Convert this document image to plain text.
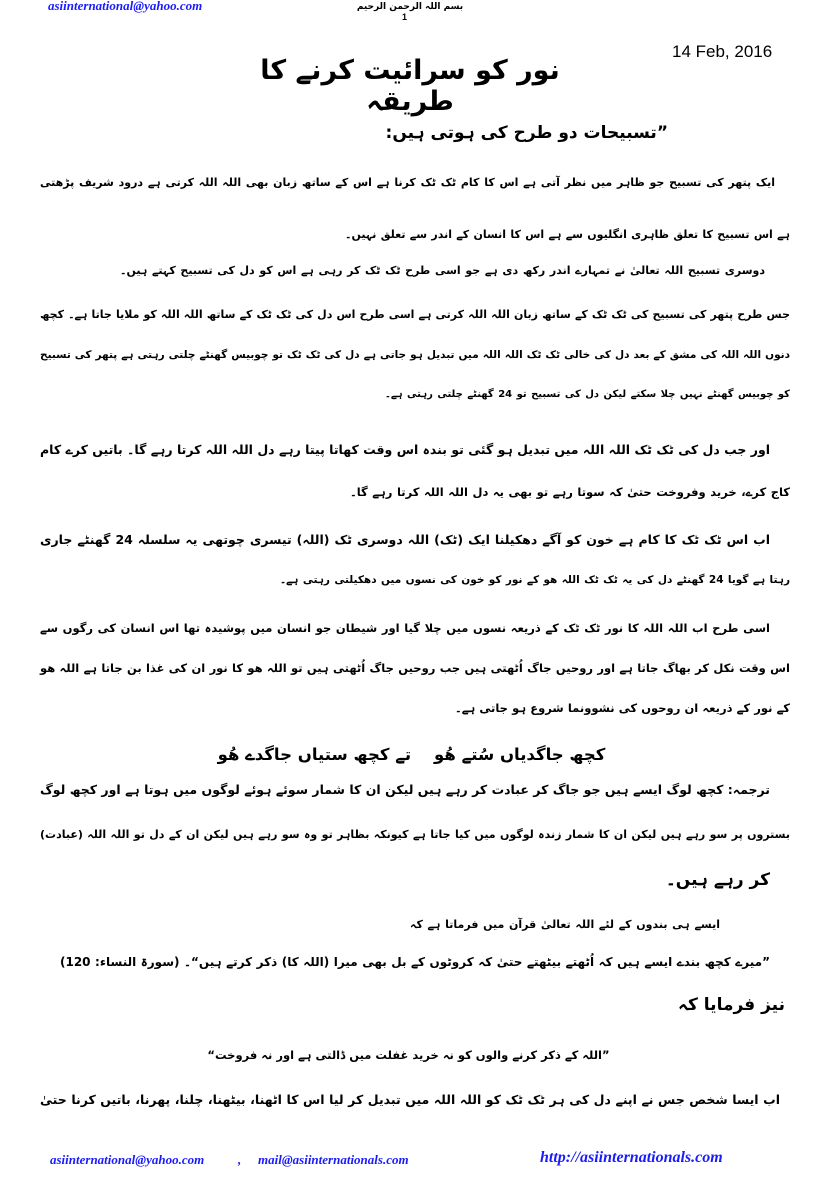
asiinternational@yahoo.com	بسم اللہ الرحمن الرحیم
1
14 Feb, 2016
نور کو سرائیت کرنے کا طریقہ
”تسبیحات دو طرح کی ہوتی ہیں:
ایک پتھر کی تسبیح جو ظاہر میں نظر آتی ہے اس کا کام ٹک ٹک کرنا ہے اس کے ساتھ زبان بھی اللہ اللہ کرتی ہے درود شریف پڑھتی
ہے اس تسبیح کا تعلق ظاہری انگلیوں سے ہے اس کا انسان کے اندر سے تعلق نہیں۔
دوسری تسبیح اللہ تعالیٰ نے تمہارے اندر رکھ دی ہے جو اسی طرح ٹک ٹک کر رہی ہے اس کو دل کی تسبیح کہتے ہیں۔
جس طرح پتھر کی تسبیح کی ٹک ٹک کے ساتھ زبان اللہ اللہ کرتی ہے اسی طرح اس دل کی ٹک ٹک کے ساتھ اللہ اللہ کو ملایا جاتا ہے۔ کچھ
دنوں اللہ اللہ کی مشق کے بعد دل کی خالی ٹک ٹک اللہ اللہ میں تبدیل ہو جاتی ہے دل کی ٹک ٹک تو چوبیس گھنٹے چلتی رہتی ہے پتھر کی تسبیح
کو چوبیس گھنٹے نہیں چلا سکتے لیکن دل کی تسبیح تو 24 گھنٹے چلتی رہتی ہے۔
اور جب دل کی ٹک ٹک اللہ اللہ میں تبدیل ہو گئی تو بندہ اس وقت کھاتا پیتا رہے دل اللہ اللہ کرتا رہے گا۔ باتیں کرے کام
کاج کرے، خرید وفروخت حتیٰ کہ سوتا رہے تو بھی یہ دل اللہ اللہ کرتا رہے گا۔
اب اس ٹک ٹک کا کام ہے خون کو آگے دھکیلنا ایک (ٹک) اللہ دوسری ٹک (اللہ) تیسری چوتھی یہ سلسلہ 24 گھنٹے جاری
رہتا ہے گویا 24 گھنٹے دل کی یہ ٹک ٹک اللہ ھو کے نور کو خون کی نسوں میں دھکیلتی رہتی ہے۔
اسی طرح اب اللہ اللہ کا نور ٹک ٹک کے ذریعہ نسوں میں چلا گیا اور شیطان جو انسان میں پوشیدہ تھا اس انسان کی رگوں سے
اس وقت نکل کر بھاگ جاتا ہے اور روحیں جاگ اُٹھتی ہیں جب روحیں جاگ اُٹھتی ہیں تو اللہ ھو کا نور ان کی غذا بن جاتا ہے اللہ ھو
کے نور کے ذریعہ ان روحوں کی نشوونما شروع ہو جاتی ہے۔
کچھ جاگدیاں سُتے ھُو    تے کچھ ستیاں جاگدے ھُو
ترجمہ: کچھ لوگ ایسے ہیں جو جاگ کر عبادت کر رہے ہیں لیکن ان کا شمار سوئے ہوئے لوگوں میں ہوتا ہے اور کچھ لوگ
بستروں پر سو رہے ہیں لیکن ان کا شمار زندہ لوگوں میں کیا جاتا ہے کیونکہ بظاہر تو وہ سو رہے ہیں لیکن ان کے دل تو اللہ اللہ (عبادت)
کر رہے ہیں۔
ایسے ہی بندوں کے لئے اللہ تعالیٰ قرآن میں فرماتا ہے کہ
”میرے کچھ بندے ایسے ہیں کہ اُٹھتے بیٹھتے حتیٰ کہ کروٹوں کے بل بھی میرا (اللہ کا) ذکر کرتے ہیں“۔ (سورۃ النساء: 120)
نیز فرمایا کہ
”اللہ کے ذکر کرنے والوں کو نہ خرید غفلت میں ڈالتی ہے اور نہ فروخت“
اب ایسا شخص جس نے اپنے دل کی ہر ٹک ٹک کو اللہ اللہ میں تبدیل کر لیا اس کا اٹھنا، بیٹھنا، چلنا، پھرنا، باتیں کرنا حتیٰ
asiinternational@yahoo.com	, mail@asiinternationals.com	http://asiinternationals.com
